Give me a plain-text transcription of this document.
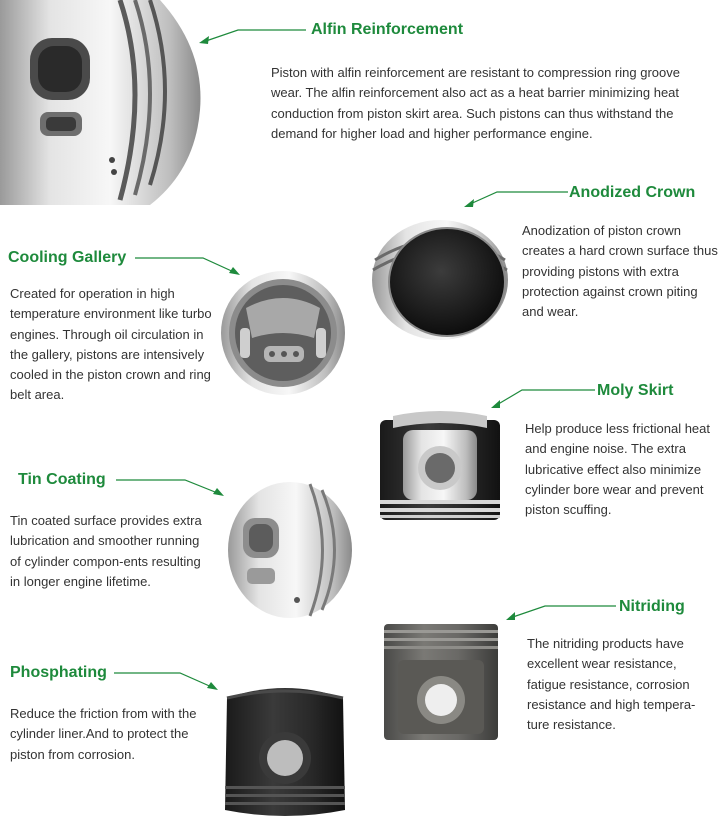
Alfin Reinforcement
Anodized Crown
Cooling Gallery
Moly Skirt
Tin Coating
Nitriding
Phosphating

Piston with alfin reinforcement are resistant to compression ring groove wear. The alfin reinforcement also act as a heat barrier minimizing heat conduction from piston skirt area. Such pistons can thus withstand the demand for higher load and higher performance engine.

Anodization of piston crown creates a hard crown surface thus providing pistons with extra protection against crown piting and wear.

Created for operation in high temperature environment like turbo engines. Through oil circulation in the gallery, pistons are intensively cooled in the piston crown and ring belt area.

Help produce less frictional heat and engine noise. The extra lubricative effect also minimize cylinder bore wear and prevent piston scuffing.

Tin coated surface provides extra lubrication and smoother running of cylinder compon-ents resulting in longer engine lifetime.

The nitriding products have excellent wear resistance, fatigue resistance, corrosion resistance and high tempera-ture resistance.

Reduce the friction from with the cylinder liner.And to protect the piston from corrosion.
